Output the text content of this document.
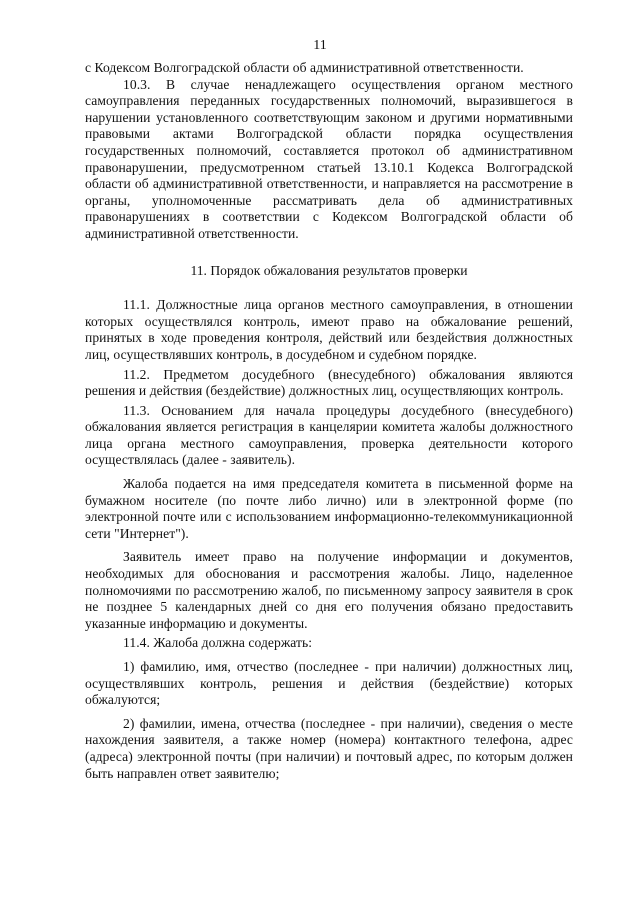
11

с Кодексом Волгоградской области об административной ответственности.

10.3. В случае ненадлежащего осуществления органом местного самоуправления переданных государственных полномочий, выразившегося в нарушении установленного соответствующим законом и другими нормативными правовыми актами Волгоградской области порядка осуществления государственных полномочий, составляется протокол об административном правонарушении, предусмотренном статьей 13.10.1 Кодекса Волгоградской области об административной ответственности, и направляется на рассмотрение в органы, уполномоченные рассматривать дела об административных правонарушениях в соответствии с Кодексом Волгоградской области об административной ответственности.

11. Порядок обжалования результатов проверки

11.1. Должностные лица органов местного самоуправления, в отношении которых осуществлялся контроль, имеют право на обжалование решений, принятых в ходе проведения контроля, действий или бездействия должностных лиц, осуществлявших контроль, в досудебном и судебном порядке.

11.2. Предметом досудебного (внесудебного) обжалования являются решения и действия (бездействие) должностных лиц, осуществляющих контроль.

11.3. Основанием для начала процедуры досудебного (внесудебного) обжалования является регистрация в канцелярии комитета жалобы должностного лица органа местного самоуправления, проверка деятельности которого осуществлялась (далее - заявитель).

Жалоба подается на имя председателя комитета в письменной форме на бумажном носителе (по почте либо лично) или в электронной форме (по электронной почте или с использованием информационно-телекоммуникационной сети "Интернет").

Заявитель имеет право на получение информации и документов, необходимых для обоснования и рассмотрения жалобы. Лицо, наделенное полномочиями по рассмотрению жалоб, по письменному запросу заявителя в срок не позднее 5 календарных дней со дня его получения обязано предоставить указанные информацию и документы.

11.4. Жалоба должна содержать:

1) фамилию, имя, отчество (последнее - при наличии) должностных лиц, осуществлявших контроль, решения и действия (бездействие) которых обжалуются;

2) фамилии, имена, отчества (последнее - при наличии), сведения о месте нахождения заявителя, а также номер (номера) контактного телефона, адрес (адреса) электронной почты (при наличии) и почтовый адрес, по которым должен быть направлен ответ заявителю;
